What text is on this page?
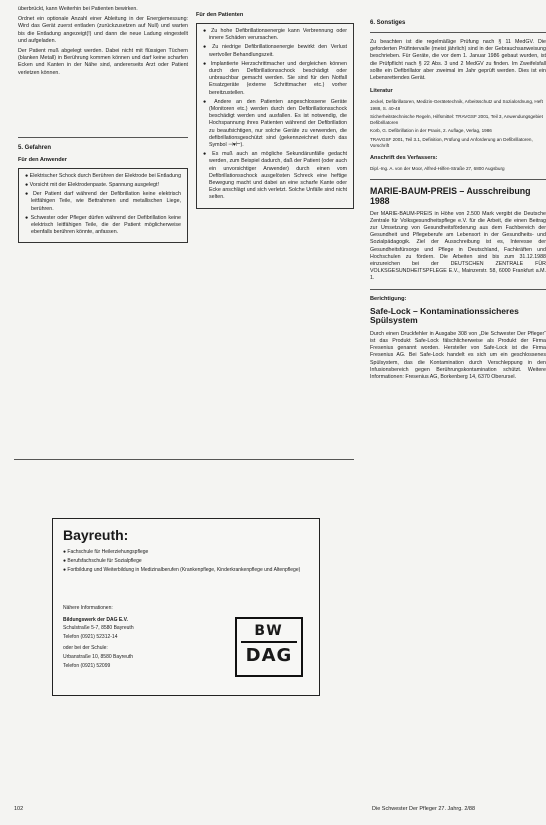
überbrückt, kann Weiterhin bei Patienten bewirken.

Ordnet ein optionale Anzahl einer Ableitung in der Energiemessung: Wird das Gerät zuerst entladen (zurückzusetzen auf Null) und warten bis die Entladung angezeigt(!) und dann die neue Ladung eingestellt und aufgeladen.

Der Patient muß abgelegt werden. Dabei nicht mit flüssigen Tüchern (blanken Metall) in Berührung kommen können und darf keine scharfen Ecken und Kanten in der Nähe sind, andererseits Arzt oder Patient verletzen können.

5. Gefahren
Für den Anwender

● Elektrischer Schock durch Berühren der Elektrode bei Entladung

● Vorsicht mit der Elektrodenpaste. Spannung ausgelegt!

● Der Patient darf während der Defibrillation keine elektrisch leitfähigen Teile, wie Bettrahmen und metallischen Liege, berühren.

● Schwester oder Pfleger dürfen während der Defibrillation keine elektrisch leitfähigen Teile, die der Patient möglicherweise ebenfalls berühren könnte, anfassen.

Für den Patienten

● Zu hohe Defibrillationsenergie kann Verbrennung oder innere Schäden verursachen.

● Zu niedrige Defibrillationsenergie bewirkt den Verlust wertvoller Behandlungszeit.

● Implantierte Herzschrittmacher und dergleichen können durch den Defibrillationsschock beschädigt oder unbrauchbar gemacht werden. Sie sind für den Notfall Ersatzgeräte (externe Schrittmacher etc.) vorher bereitzustellen.

● Andere an den Patienten angeschlossene Geräte (Monitoren etc.) werden durch den Defibrillationsschock beschädigt werden und ausfallen. Es ist notwendig, die Hochspannung ihres Patienten während der Defibrillation zu beaufsichtigen, nur solche Geräte zu verwenden, die defibrillationsgeschützt sind (gekennzeichnet durch das Symbol ⊣♥⊢).

● Es muß auch an mögliche Sekundärunfälle gedacht werden, zum Beispiel dadurch, daß der Patient (oder auch ein unvorsichtiger Anwender) durch einen vom Defibrillationsschock ausgelösten Schreck eine heftige Bewegung macht und dabei an eine scharfe Kante oder Ecke anschlägt und sich verletzt. Solche Unfälle sind nicht selten.

6. Sonstiges

Zu beachten ist die regelmäßige Prüfung nach § 11 MedGV. Die geforderten Prüfintervalle (meist jährlich) sind in der Gebrauchsanweisung beschrieben. Für Geräte, die vor dem 1. Januar 1986 gebaut wurden, ist die Prüfpflicht nach § 22 Abs. 3 und 2 MedGV zu finden. Im Zweifelsfall sollte ein Defibrillator aber zweimal im Jahr geprüft werden. Dies ist ein Lebensrettendes Gerät.

Literatur

Jeckel, Defibrillatoren, Medizin-Gerätetechnik, Arbeitsschutz und Sozialordnung, Heft 1988, S. 40-48

Sicherheitstechnische Regeln, Hilfsmittel: TRAVGSF 2001, Teil 3, Anwendungsgebiet Defibrillatoren

Korb, G. Defibrillation in der Praxis, 2. Auflage, Verlag, 1986

TRAVGSF 2001, Teil 3.1, Definition, Prüfung und Anforderung an Defibrillatoren, Vorschrift

Anschrift des Verfassers:

Dipl.-Ing. A. von der Moor, Alfred-Hilfen-Straße 27, 6800 Augsburg

MARIE-BAUM-PREIS – Ausschreibung 1988

Der MARIE-BAUM-PREIS in Höhe von 2.500 Mark vergibt die Deutsche Zentrale für Volksgesundheitspflege e.V. für die Arbeit, die einen Beitrag zur Umsetzung von Gesundheitsförderung aus dem Fachbereich der Gesundheit und Pflegeberufe am Lebensort in der Gesundheits- und Sozialpädagogik. Ziel der Ausschreibung ist es, Interesse der Gesundheitsfürsorge und Pflege in Deutschland, Fachkräften und Hochschulen zu fördern. Die Arbeiten sind bis zum 31.12.1988 einzureichen bei der DEUTSCHEN ZENTRALE FÜR VOLKSGESUNDHEITSPFLEGE E.V., Mainzerstr. 58, 6000 Frankfurt a.M. 1.

Berichtigung:
Safe-Lock – Kontaminationssicheres Spülsystem

Durch einen Druckfehler in Ausgabe 308 von „Die Schwester Der Pfleger“ ist das Produkt Safe-Lock fälschlicherweise als Produkt der Firma Fresenius genannt worden. Hersteller von Safe-Lock ist die Firma Fresenius AG. Bei Safe-Lock handelt es sich um ein geschlossenes Spülsystem, das die Kontamination durch Verschleppung in den Infusionsbereich gegen Berührungskontamination schützt. Weitere Informationen: Fresenius AG, Borkenberg 14, 6370 Oberursel.

Bayreuth:

● Fachschule für Heilerziehungspflege

● Berufsfachschule für Sozialpflege

● Fortbildung und Weiterbildung in Medizinalberufen (Krankenpflege, Kinderkrankenpflege und Altenpflege)

Nähere Informationen:

Bildungswerk der DAG E.V.

Schulstraße 5-7, 8580 Bayreuth

Telefon (0921) 52312-14

oder bei der Schule:

Urbanstraße 10, 8580 Bayreuth

Telefon (0921) 52099

BW
DAG
102	Die Schwester Der Pfleger 27. Jahrg. 2/88
